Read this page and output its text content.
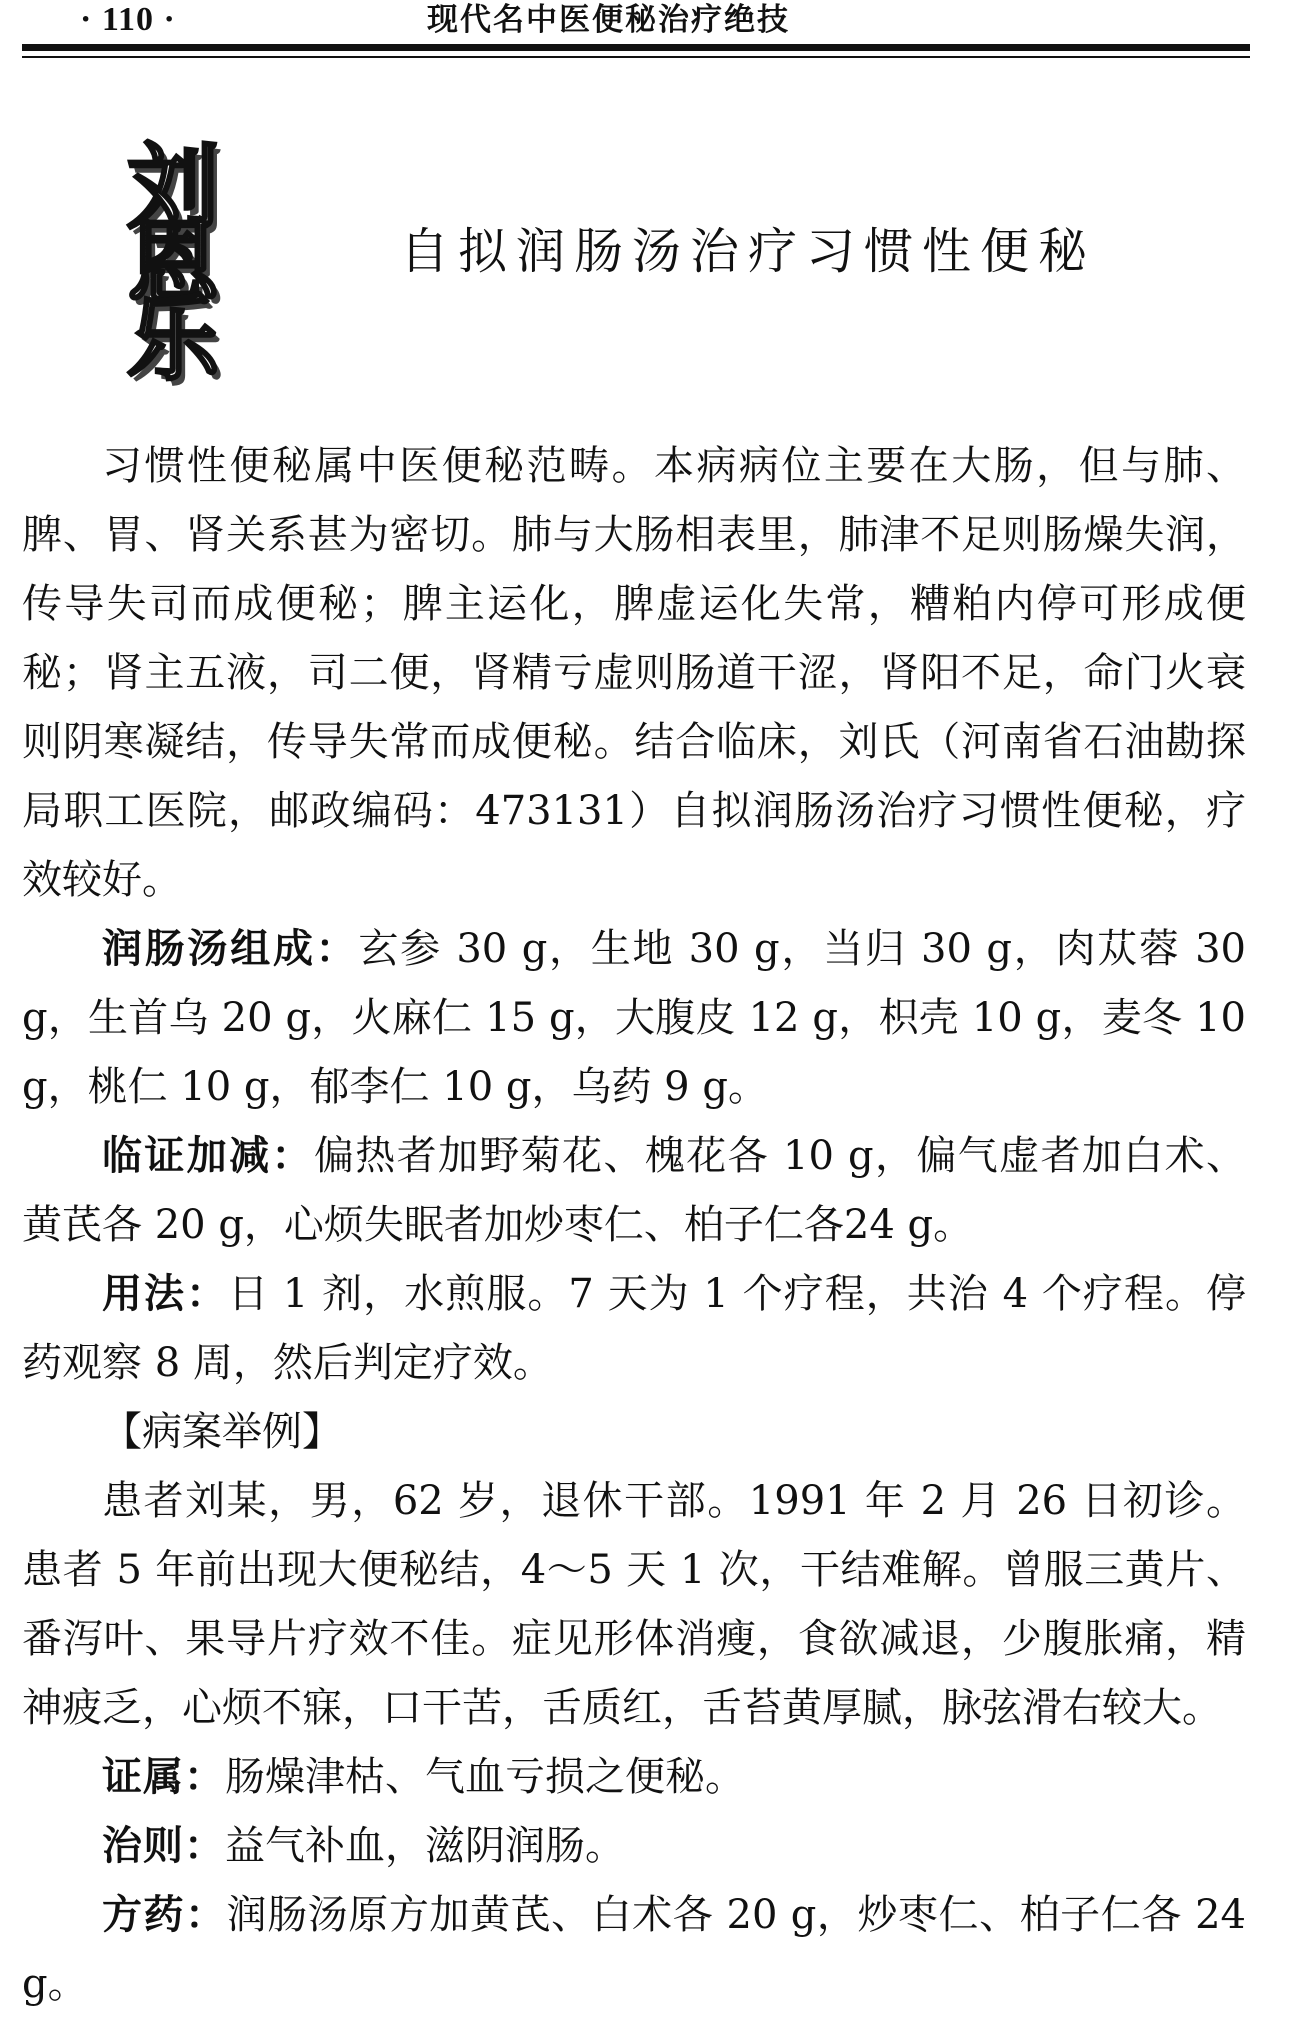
· 110 ·	现代名中医便秘治疗绝技
刘
恩
乐
自拟润肠汤治疗习惯性便秘

习惯性便秘属中医便秘范畴。本病病位主要在大肠，但与肺、脾、胃、肾关系甚为密切。肺与大肠相表里，肺津不足则肠燥失润，传导失司而成便秘；脾主运化，脾虚运化失常，糟粕内停可形成便秘；肾主五液，司二便，肾精亏虚则肠道干涩，肾阳不足，命门火衰则阴寒凝结，传导失常而成便秘。结合临床，刘氏（河南省石油勘探局职工医院，邮政编码：473131）自拟润肠汤治疗习惯性便秘，疗效较好。

润肠汤组成：玄参 30 g，生地 30 g，当归 30 g，肉苁蓉 30 g，生首乌 20 g，火麻仁 15 g，大腹皮 12 g，枳壳 10 g，麦冬 10 g，桃仁 10 g，郁李仁 10 g，乌药 9 g。

临证加减：偏热者加野菊花、槐花各 10 g，偏气虚者加白术、黄芪各 20 g，心烦失眠者加炒枣仁、柏子仁各24 g。

用法：日 1 剂，水煎服。7 天为 1 个疗程，共治 4 个疗程。停药观察 8 周，然后判定疗效。

【病案举例】

患者刘某，男，62 岁，退休干部。1991 年 2 月 26 日初诊。患者 5 年前出现大便秘结，4～5 天 1 次，干结难解。曾服三黄片、番泻叶、果导片疗效不佳。症见形体消瘦，食欲减退，少腹胀痛，精神疲乏，心烦不寐，口干苦，舌质红，舌苔黄厚腻，脉弦滑右较大。

证属：肠燥津枯、气血亏损之便秘。

治则：益气补血，滋阴润肠。

方药：润肠汤原方加黄芪、白术各 20 g，炒枣仁、柏子仁各 24 g。
